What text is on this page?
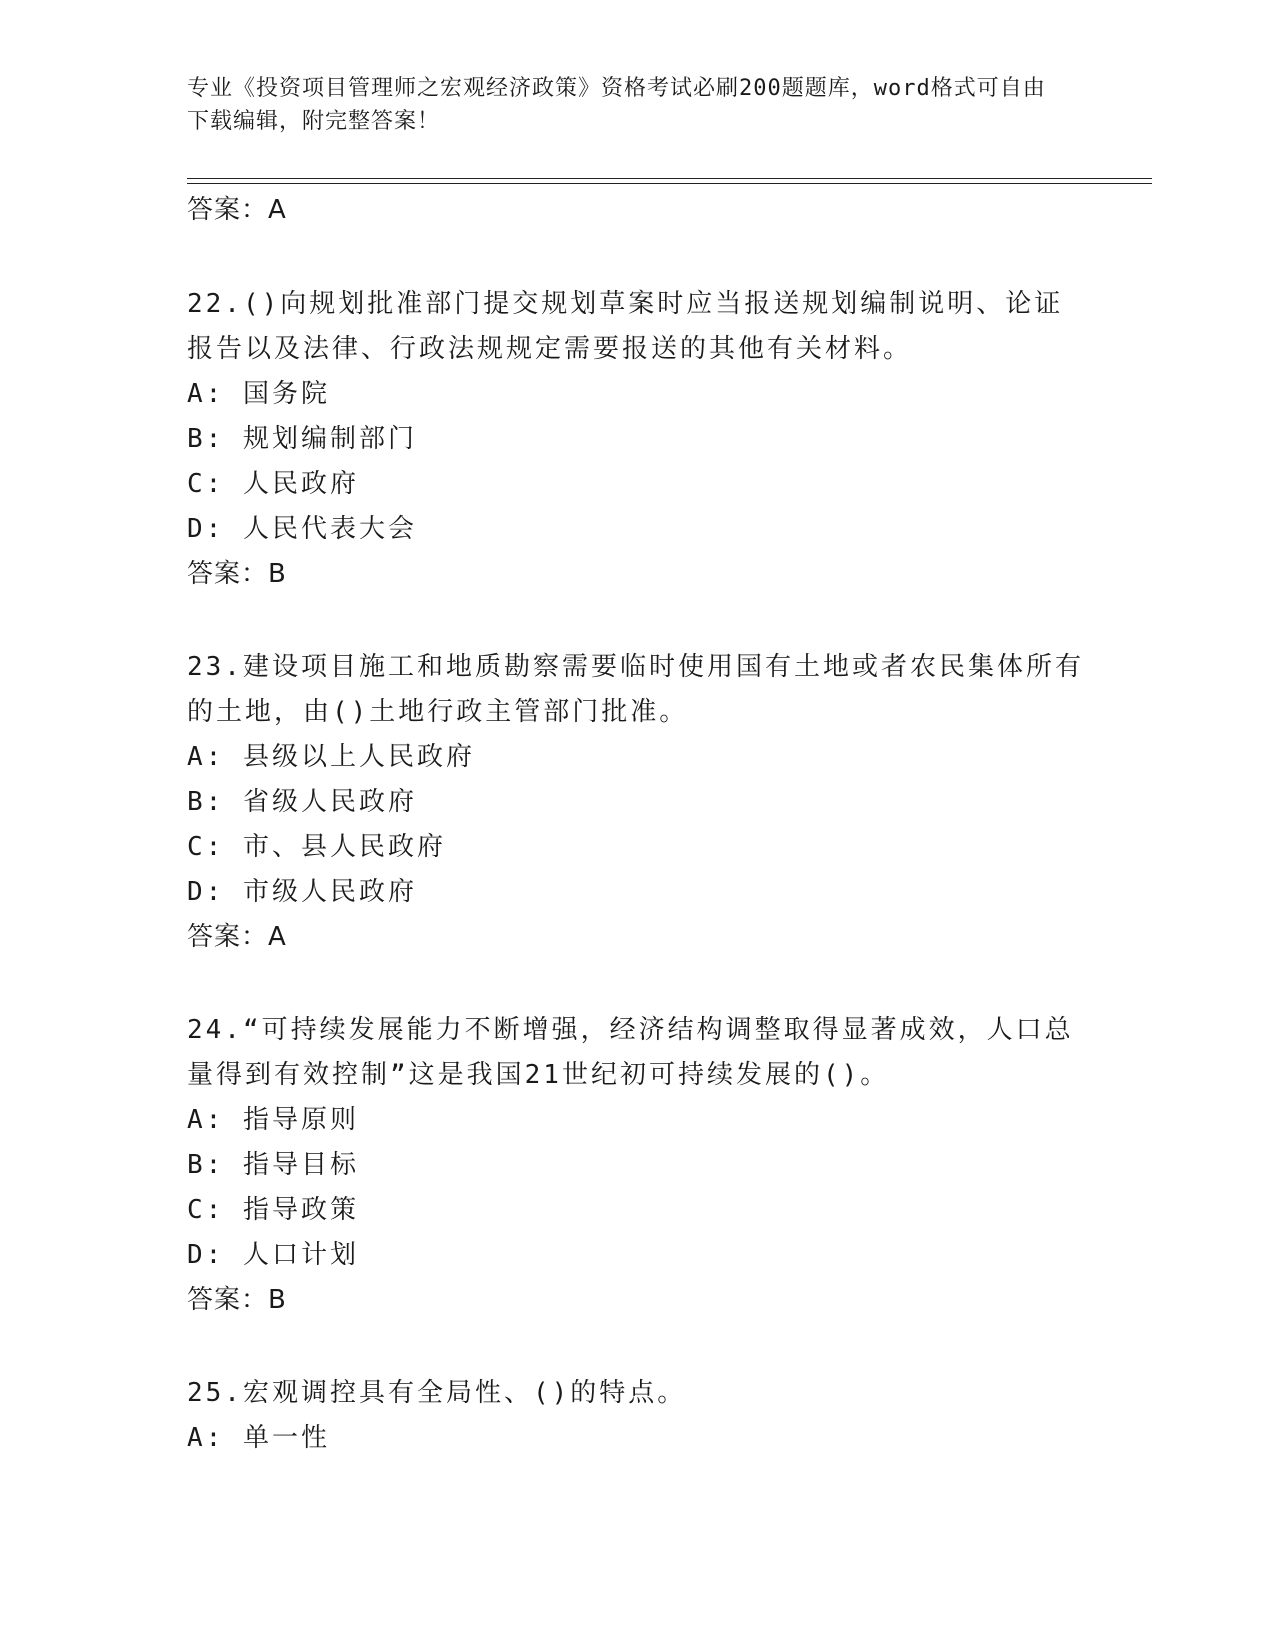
专业《投资项目管理师之宏观经济政策》资格考试必刷200题题库，word格式可自由下载编辑，附完整答案！
答案：A

22.()向规划批准部门提交规划草案时应当报送规划编制说明、论证报告以及法律、行政法规规定需要报送的其他有关材料。

A: 国务院

B: 规划编制部门

C: 人民政府

D: 人民代表大会

答案：B

23.建设项目施工和地质勘察需要临时使用国有土地或者农民集体所有的土地，由()土地行政主管部门批准。

A: 县级以上人民政府

B: 省级人民政府

C: 市、县人民政府

D: 市级人民政府

答案：A

24.“可持续发展能力不断增强，经济结构调整取得显著成效，人口总量得到有效控制”这是我国21世纪初可持续发展的()。

A: 指导原则

B: 指导目标

C: 指导政策

D: 人口计划

答案：B

25.宏观调控具有全局性、()的特点。

A: 单一性
